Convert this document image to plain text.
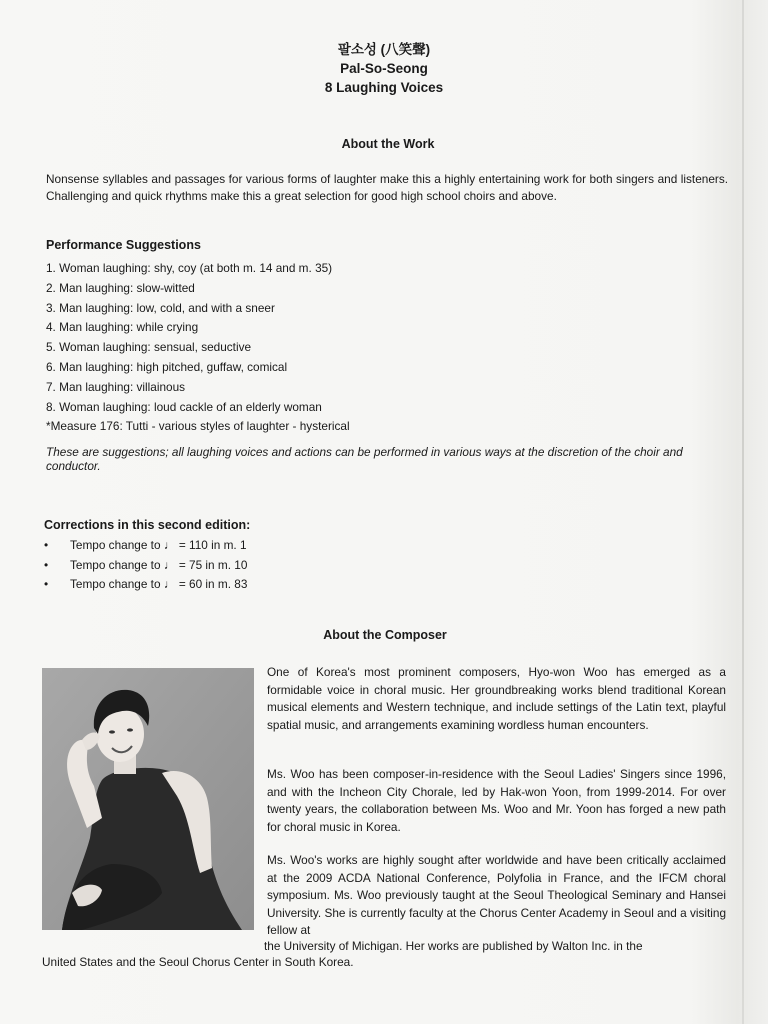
팔소성 (八笑聲)
Pal-So-Seong
8 Laughing Voices
About the Work
Nonsense syllables and passages for various forms of laughter make this a highly entertaining work for both singers and listeners. Challenging and quick rhythms make this a great selection for good high school choirs and above.
Performance Suggestions
1. Woman laughing: shy, coy (at both m. 14 and m. 35)
2. Man laughing: slow-witted
3. Man laughing: low, cold, and with a sneer
4. Man laughing: while crying
5. Woman laughing: sensual, seductive
6. Man laughing: high pitched, guffaw, comical
7. Man laughing: villainous
8. Woman laughing: loud cackle of an elderly woman
*Measure 176: Tutti - various styles of laughter - hysterical
These are suggestions; all laughing voices and actions can be performed in various ways at the discretion of the choir and conductor.
Corrections in this second edition:
• Tempo change to ♩ = 110 in m. 1
• Tempo change to ♩ = 75 in m. 10
• Tempo change to ♩ = 60 in m. 83
About the Composer

One of Korea's most prominent composers, Hyo-won Woo has emerged as a formidable voice in choral music. Her groundbreaking works blend traditional Korean musical elements and Western technique, and include settings of the Latin text, playful spatial music, and arrangements examining wordless human encounters.

Ms. Woo has been composer-in-residence with the Seoul Ladies' Singers since 1996, and with the Incheon City Chorale, led by Hak-won Yoon, from 1999-2014. For over twenty years, the collaboration between Ms. Woo and Mr. Yoon has forged a new path for choral music in Korea.

Ms. Woo's works are highly sought after worldwide and have been critically acclaimed at the 2009 ACDA National Conference, Polyfolia in France, and the IFCM choral symposium. Ms. Woo previously taught at the Seoul Theological Seminary and Hansei University. She is currently faculty at the Chorus Center Academy in Seoul and a visiting fellow at

the University of Michigan. Her works are published by Walton Inc. in the
United States and the Seoul Chorus Center in South Korea.
